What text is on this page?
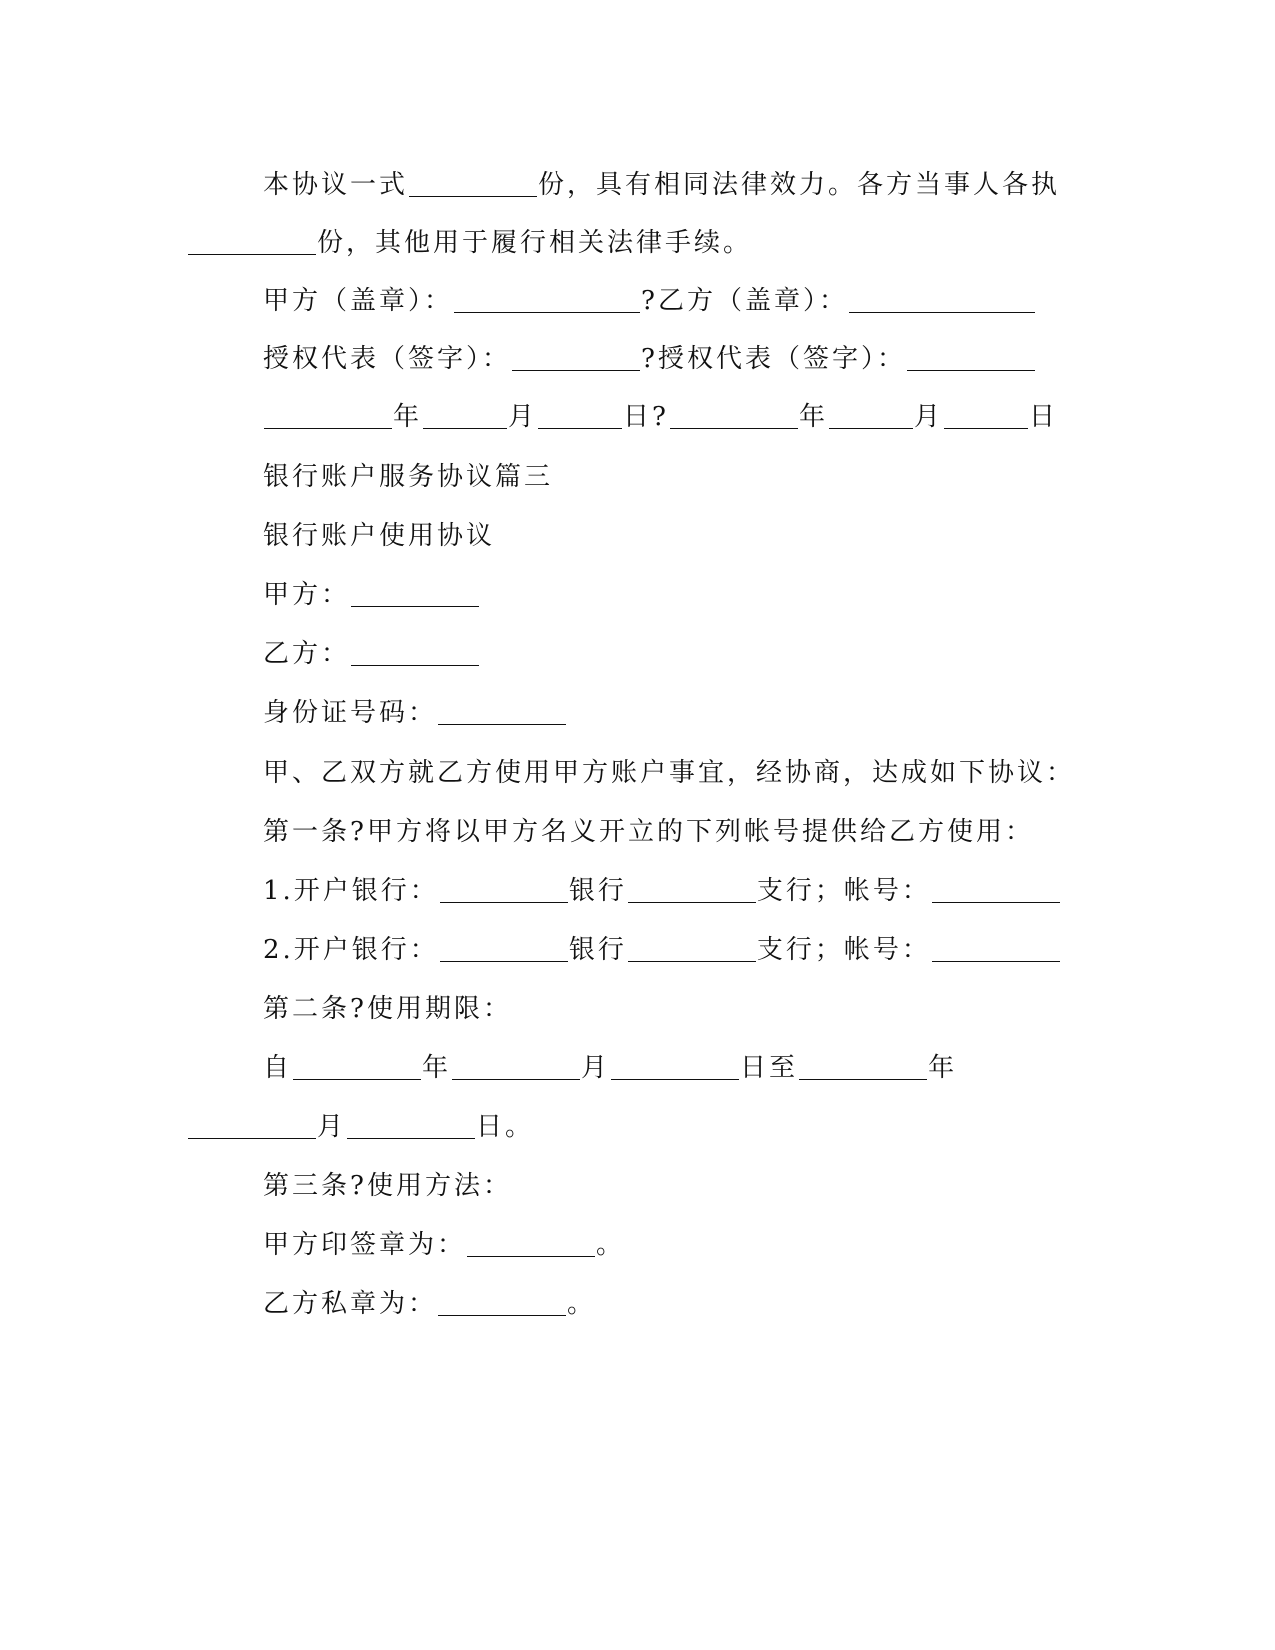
本协议一式	份，具有相同法律效力。各方当事人各执
份，其他用于履行相关法律手续。
甲方（盖章）：	?乙方（盖章）：
授权代表（签字）：	?授权代表（签字）：
年	月	日?	年	月	日
银行账户服务协议篇三
银行账户使用协议
甲方：
乙方：
身份证号码：
甲、乙双方就乙方使用甲方账户事宜，经协商，达成如下协议：
第一条?甲方将以甲方名义开立的下列帐号提供给乙方使用：
1.开户银行：	银行	支行；帐号：
2.开户银行：	银行	支行；帐号：
第二条?使用期限：
自	年	月	日至	年
月	日。
第三条?使用方法：
甲方印签章为：	。
乙方私章为：	。
